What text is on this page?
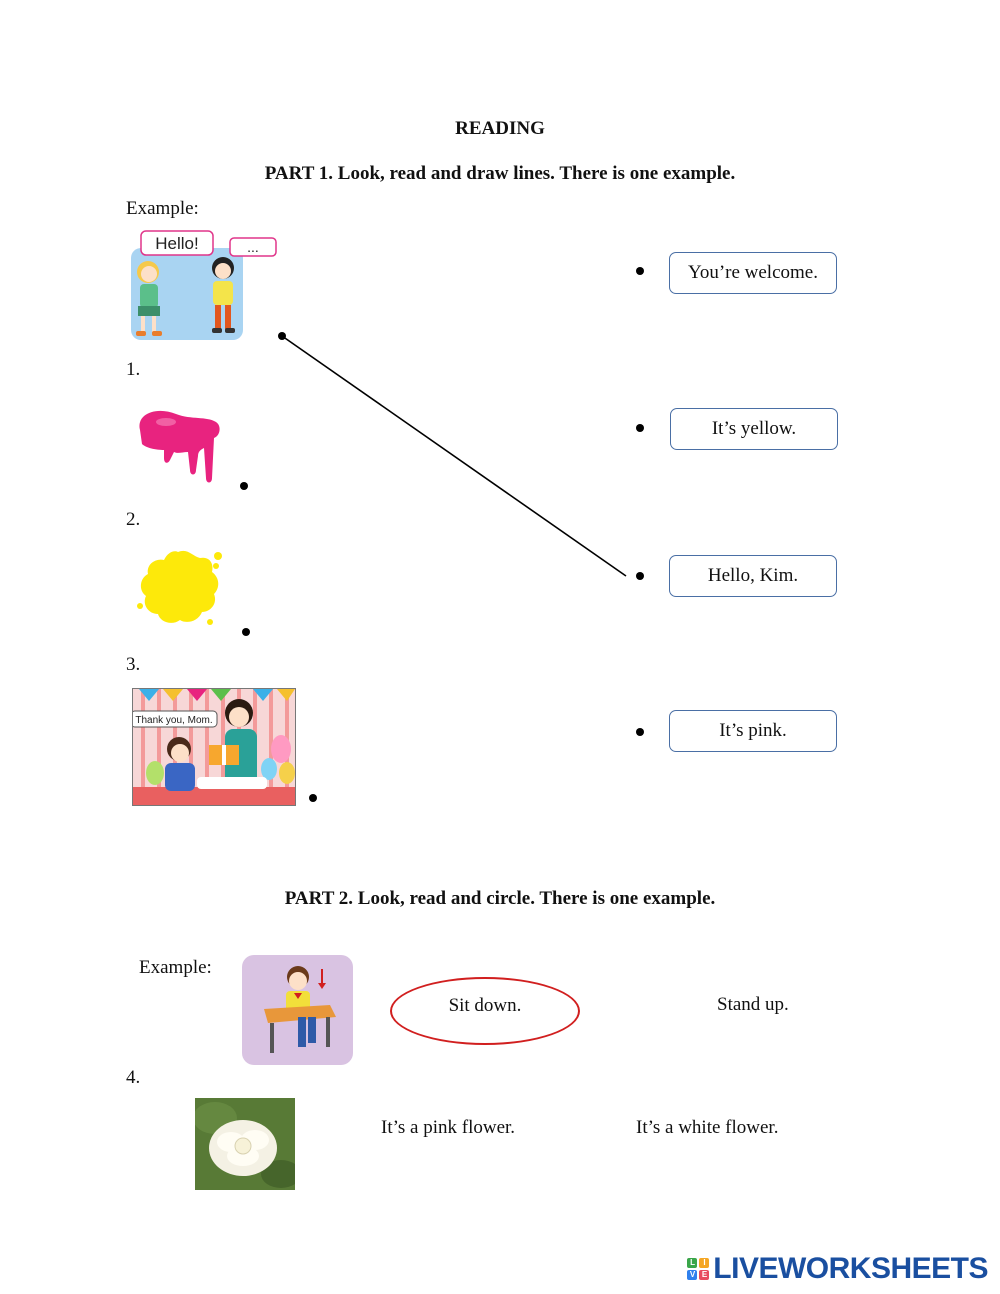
READING
PART 1. Look, read and draw lines. There is one example.
Example:
Hello!	...
1.
2.
3.
Thank you, Mom.
You’re welcome.
It’s yellow.
Hello, Kim.
It’s pink.
PART 2. Look, read and circle. There is one example.
Example:
Sit down.	Stand up.
4.
It’s a pink flower.	It’s a white flower.
L	I
V E LIVEWORKSHEETS
